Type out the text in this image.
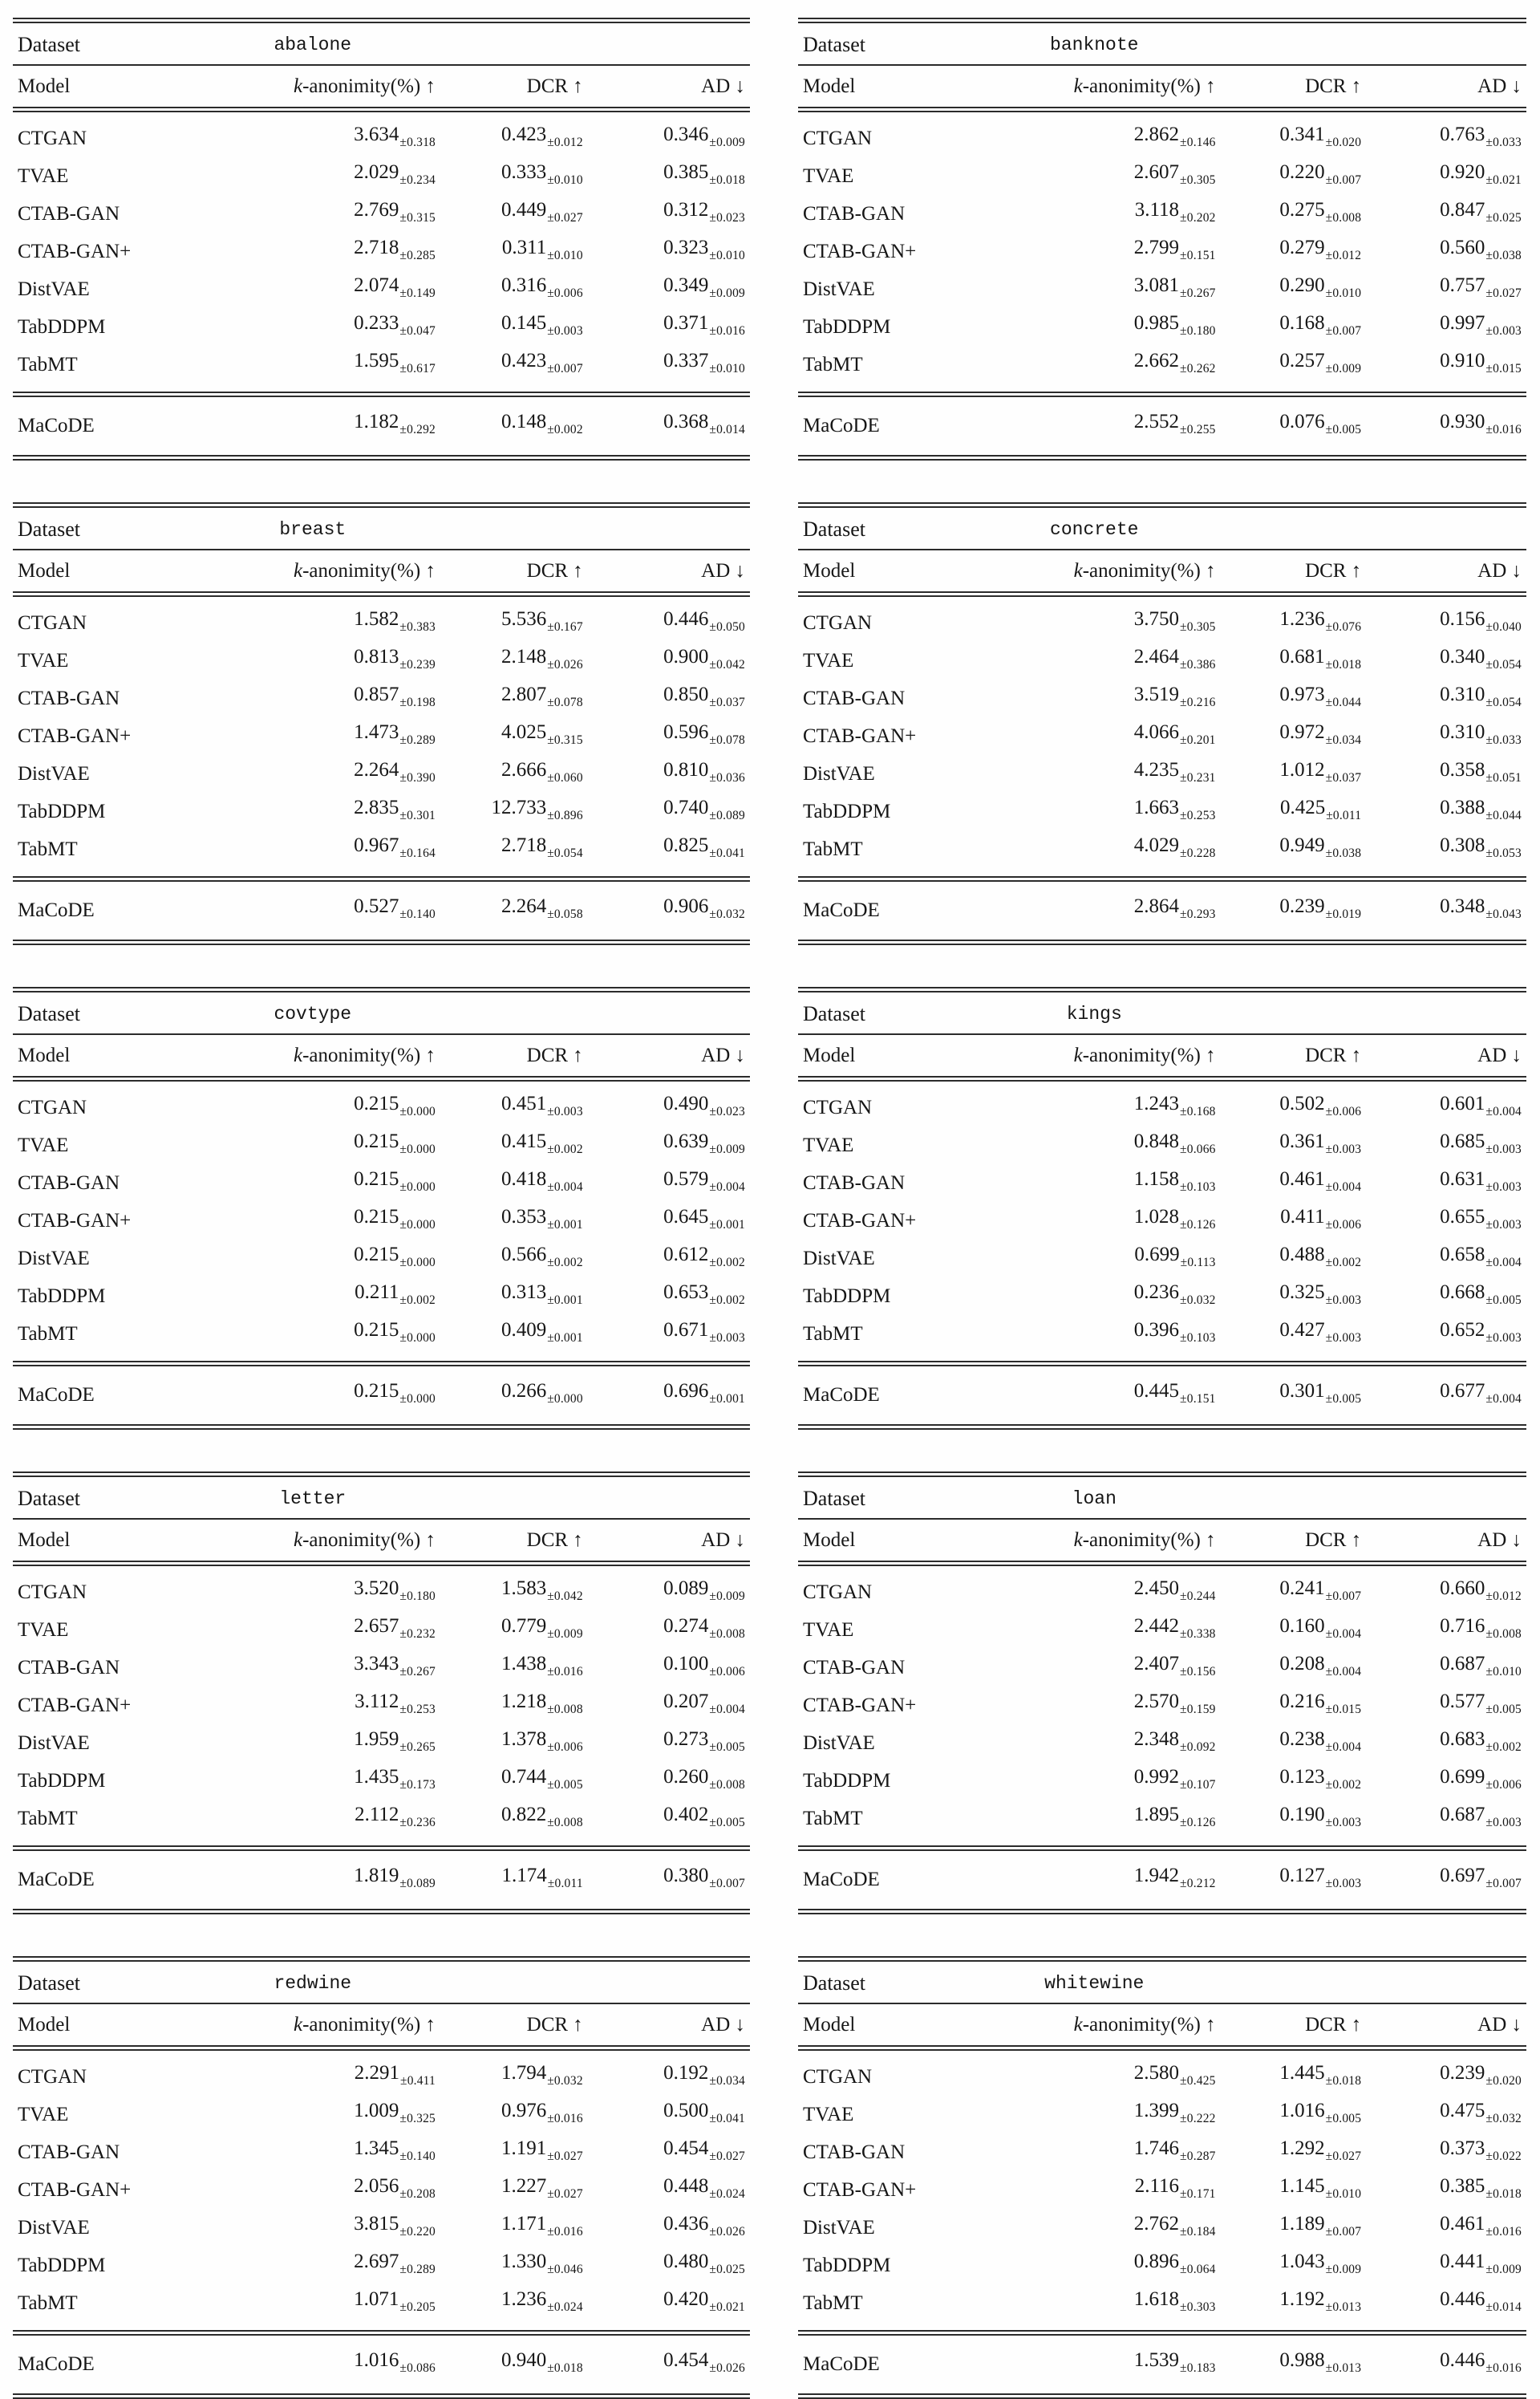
Dataset	abalone		
Model	k-anonimity(%) ↑	DCR ↑	AD ↓
CTGAN	$3.634_{\pm 0.318}$	$0.423_{\pm 0.012}$	$0.346_{\pm 0.009}$
TVAE	$2.029_{\pm 0.234}$	$0.333_{\pm 0.010}$	$0.385_{\pm 0.018}$
CTAB-GAN	$2.769_{\pm 0.315}$	$0.449_{\pm 0.027}$	$0.312_{\pm 0.023}$
CTAB-GAN+	$2.718_{\pm 0.285}$	$0.311_{\pm 0.010}$	$0.323_{\pm 0.010}$
DistVAE	$2.074_{\pm 0.149}$	$0.316_{\pm 0.006}$	$0.349_{\pm 0.009}$
TabDDPM	$0.233_{\pm 0.047}$	$0.145_{\pm 0.003}$	$0.371_{\pm 0.016}$
TabMT	$1.595_{\pm 0.617}$	$0.423_{\pm 0.007}$	$0.337_{\pm 0.010}$
MaCoDE	$1.182_{\pm 0.292}$	$0.148_{\pm 0.002}$	$0.368_{\pm 0.014}$
Dataset	banknote		
Model	k-anonimity(%) ↑	DCR ↑	AD ↓
CTGAN	$2.862_{\pm 0.146}$	$0.341_{\pm 0.020}$	$0.763_{\pm 0.033}$
TVAE	$2.607_{\pm 0.305}$	$0.220_{\pm 0.007}$	$0.920_{\pm 0.021}$
CTAB-GAN	$3.118_{\pm 0.202}$	$0.275_{\pm 0.008}$	$0.847_{\pm 0.025}$
CTAB-GAN+	$2.799_{\pm 0.151}$	$0.279_{\pm 0.012}$	$0.560_{\pm 0.038}$
DistVAE	$3.081_{\pm 0.267}$	$0.290_{\pm 0.010}$	$0.757_{\pm 0.027}$
TabDDPM	$0.985_{\pm 0.180}$	$0.168_{\pm 0.007}$	$0.997_{\pm 0.003}$
TabMT	$2.662_{\pm 0.262}$	$0.257_{\pm 0.009}$	$0.910_{\pm 0.015}$
MaCoDE	$2.552_{\pm 0.255}$	$0.076_{\pm 0.005}$	$0.930_{\pm 0.016}$
Dataset	breast		
Model	k-anonimity(%) ↑	DCR ↑	AD ↓
CTGAN	$1.582_{\pm 0.383}$	$5.536_{\pm 0.167}$	$0.446_{\pm 0.050}$
TVAE	$0.813_{\pm 0.239}$	$2.148_{\pm 0.026}$	$0.900_{\pm 0.042}$
CTAB-GAN	$0.857_{\pm 0.198}$	$2.807_{\pm 0.078}$	$0.850_{\pm 0.037}$
CTAB-GAN+	$1.473_{\pm 0.289}$	$4.025_{\pm 0.315}$	$0.596_{\pm 0.078}$
DistVAE	$2.264_{\pm 0.390}$	$2.666_{\pm 0.060}$	$0.810_{\pm 0.036}$
TabDDPM	$2.835_{\pm 0.301}$	$12.733_{\pm 0.896}$	$0.740_{\pm 0.089}$
TabMT	$0.967_{\pm 0.164}$	$2.718_{\pm 0.054}$	$0.825_{\pm 0.041}$
MaCoDE	$0.527_{\pm 0.140}$	$2.264_{\pm 0.058}$	$0.906_{\pm 0.032}$
Dataset	concrete		
Model	k-anonimity(%) ↑	DCR ↑	AD ↓
CTGAN	$3.750_{\pm 0.305}$	$1.236_{\pm 0.076}$	$0.156_{\pm 0.040}$
TVAE	$2.464_{\pm 0.386}$	$0.681_{\pm 0.018}$	$0.340_{\pm 0.054}$
CTAB-GAN	$3.519_{\pm 0.216}$	$0.973_{\pm 0.044}$	$0.310_{\pm 0.054}$
CTAB-GAN+	$4.066_{\pm 0.201}$	$0.972_{\pm 0.034}$	$0.310_{\pm 0.033}$
DistVAE	$4.235_{\pm 0.231}$	$1.012_{\pm 0.037}$	$0.358_{\pm 0.051}$
TabDDPM	$1.663_{\pm 0.253}$	$0.425_{\pm 0.011}$	$0.388_{\pm 0.044}$
TabMT	$4.029_{\pm 0.228}$	$0.949_{\pm 0.038}$	$0.308_{\pm 0.053}$
MaCoDE	$2.864_{\pm 0.293}$	$0.239_{\pm 0.019}$	$0.348_{\pm 0.043}$
Dataset	covtype		
Model	k-anonimity(%) ↑	DCR ↑	AD ↓
CTGAN	$0.215_{\pm 0.000}$	$0.451_{\pm 0.003}$	$0.490_{\pm 0.023}$
TVAE	$0.215_{\pm 0.000}$	$0.415_{\pm 0.002}$	$0.639_{\pm 0.009}$
CTAB-GAN	$0.215_{\pm 0.000}$	$0.418_{\pm 0.004}$	$0.579_{\pm 0.004}$
CTAB-GAN+	$0.215_{\pm 0.000}$	$0.353_{\pm 0.001}$	$0.645_{\pm 0.001}$
DistVAE	$0.215_{\pm 0.000}$	$0.566_{\pm 0.002}$	$0.612_{\pm 0.002}$
TabDDPM	$0.211_{\pm 0.002}$	$0.313_{\pm 0.001}$	$0.653_{\pm 0.002}$
TabMT	$0.215_{\pm 0.000}$	$0.409_{\pm 0.001}$	$0.671_{\pm 0.003}$
MaCoDE	$0.215_{\pm 0.000}$	$0.266_{\pm 0.000}$	$0.696_{\pm 0.001}$
Dataset	kings		
Model	k-anonimity(%) ↑	DCR ↑	AD ↓
CTGAN	$1.243_{\pm 0.168}$	$0.502_{\pm 0.006}$	$0.601_{\pm 0.004}$
TVAE	$0.848_{\pm 0.066}$	$0.361_{\pm 0.003}$	$0.685_{\pm 0.003}$
CTAB-GAN	$1.158_{\pm 0.103}$	$0.461_{\pm 0.004}$	$0.631_{\pm 0.003}$
CTAB-GAN+	$1.028_{\pm 0.126}$	$0.411_{\pm 0.006}$	$0.655_{\pm 0.003}$
DistVAE	$0.699_{\pm 0.113}$	$0.488_{\pm 0.002}$	$0.658_{\pm 0.004}$
TabDDPM	$0.236_{\pm 0.032}$	$0.325_{\pm 0.003}$	$0.668_{\pm 0.005}$
TabMT	$0.396_{\pm 0.103}$	$0.427_{\pm 0.003}$	$0.652_{\pm 0.003}$
MaCoDE	$0.445_{\pm 0.151}$	$0.301_{\pm 0.005}$	$0.677_{\pm 0.004}$
Dataset	letter		
Model	k-anonimity(%) ↑	DCR ↑	AD ↓
CTGAN	$3.520_{\pm 0.180}$	$1.583_{\pm 0.042}$	$0.089_{\pm 0.009}$
TVAE	$2.657_{\pm 0.232}$	$0.779_{\pm 0.009}$	$0.274_{\pm 0.008}$
CTAB-GAN	$3.343_{\pm 0.267}$	$1.438_{\pm 0.016}$	$0.100_{\pm 0.006}$
CTAB-GAN+	$3.112_{\pm 0.253}$	$1.218_{\pm 0.008}$	$0.207_{\pm 0.004}$
DistVAE	$1.959_{\pm 0.265}$	$1.378_{\pm 0.006}$	$0.273_{\pm 0.005}$
TabDDPM	$1.435_{\pm 0.173}$	$0.744_{\pm 0.005}$	$0.260_{\pm 0.008}$
TabMT	$2.112_{\pm 0.236}$	$0.822_{\pm 0.008}$	$0.402_{\pm 0.005}$
MaCoDE	$1.819_{\pm 0.089}$	$1.174_{\pm 0.011}$	$0.380_{\pm 0.007}$
Dataset	loan		
Model	k-anonimity(%) ↑	DCR ↑	AD ↓
CTGAN	$2.450_{\pm 0.244}$	$0.241_{\pm 0.007}$	$0.660_{\pm 0.012}$
TVAE	$2.442_{\pm 0.338}$	$0.160_{\pm 0.004}$	$0.716_{\pm 0.008}$
CTAB-GAN	$2.407_{\pm 0.156}$	$0.208_{\pm 0.004}$	$0.687_{\pm 0.010}$
CTAB-GAN+	$2.570_{\pm 0.159}$	$0.216_{\pm 0.015}$	$0.577_{\pm 0.005}$
DistVAE	$2.348_{\pm 0.092}$	$0.238_{\pm 0.004}$	$0.683_{\pm 0.002}$
TabDDPM	$0.992_{\pm 0.107}$	$0.123_{\pm 0.002}$	$0.699_{\pm 0.006}$
TabMT	$1.895_{\pm 0.126}$	$0.190_{\pm 0.003}$	$0.687_{\pm 0.003}$
MaCoDE	$1.942_{\pm 0.212}$	$0.127_{\pm 0.003}$	$0.697_{\pm 0.007}$
Dataset	redwine		
Model	k-anonimity(%) ↑	DCR ↑	AD ↓
CTGAN	$2.291_{\pm 0.411}$	$1.794_{\pm 0.032}$	$0.192_{\pm 0.034}$
TVAE	$1.009_{\pm 0.325}$	$0.976_{\pm 0.016}$	$0.500_{\pm 0.041}$
CTAB-GAN	$1.345_{\pm 0.140}$	$1.191_{\pm 0.027}$	$0.454_{\pm 0.027}$
CTAB-GAN+	$2.056_{\pm 0.208}$	$1.227_{\pm 0.027}$	$0.448_{\pm 0.024}$
DistVAE	$3.815_{\pm 0.220}$	$1.171_{\pm 0.016}$	$0.436_{\pm 0.026}$
TabDDPM	$2.697_{\pm 0.289}$	$1.330_{\pm 0.046}$	$0.480_{\pm 0.025}$
TabMT	$1.071_{\pm 0.205}$	$1.236_{\pm 0.024}$	$0.420_{\pm 0.021}$
MaCoDE	$1.016_{\pm 0.086}$	$0.940_{\pm 0.018}$	$0.454_{\pm 0.026}$
Dataset	whitewine		
Model	k-anonimity(%) ↑	DCR ↑	AD ↓
CTGAN	$2.580_{\pm 0.425}$	$1.445_{\pm 0.018}$	$0.239_{\pm 0.020}$
TVAE	$1.399_{\pm 0.222}$	$1.016_{\pm 0.005}$	$0.475_{\pm 0.032}$
CTAB-GAN	$1.746_{\pm 0.287}$	$1.292_{\pm 0.027}$	$0.373_{\pm 0.022}$
CTAB-GAN+	$2.116_{\pm 0.171}$	$1.145_{\pm 0.010}$	$0.385_{\pm 0.018}$
DistVAE	$2.762_{\pm 0.184}$	$1.189_{\pm 0.007}$	$0.461_{\pm 0.016}$
TabDDPM	$0.896_{\pm 0.064}$	$1.043_{\pm 0.009}$	$0.441_{\pm 0.009}$
TabMT	$1.618_{\pm 0.303}$	$1.192_{\pm 0.013}$	$0.446_{\pm 0.014}$
MaCoDE	$1.539_{\pm 0.183}$	$0.988_{\pm 0.013}$	$0.446_{\pm 0.016}$
